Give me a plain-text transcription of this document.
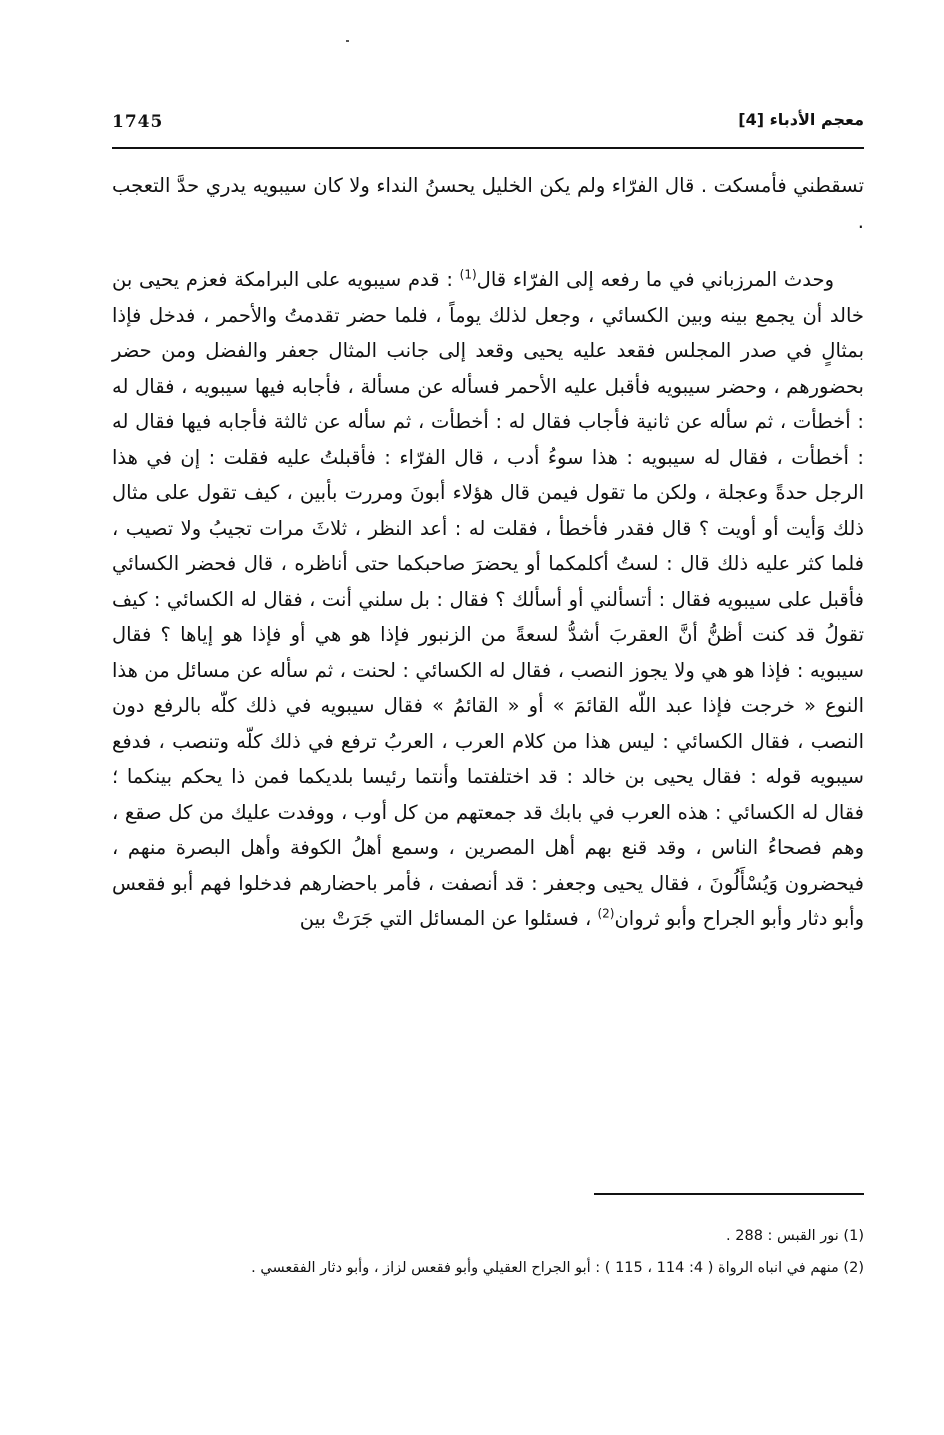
1745	معجم الأدباء [4]

تسقطني فأمسكت . قال الفرّاء ولم يكن الخليل يحسنُ النداء ولا كان سيبويه يدري حدَّ التعجب .

وحدث المرزباني في ما رفعه إلى الفرّاء قال$^{(1)}$ : قدم سيبويه على البرامكة فعزم يحيى بن خالد أن يجمع بينه وبين الكسائي ، وجعل لذلك يوماً ، فلما حضر تقدمتُ والأحمر ، فدخل فإذا بمثالٍ في صدر المجلس فقعد عليه يحيى وقعد إلى جانب المثال جعفر والفضل ومن حضر بحضورهم ، وحضر سيبويه فأقبل عليه الأحمر فسأله عن مسألة ، فأجابه فيها سيبويه ، فقال له : أخطأت ، ثم سأله عن ثانية فأجاب فقال له : أخطأت ، ثم سأله عن ثالثة فأجابه فيها فقال له : أخطأت ، فقال له سيبويه : هذا سوءُ أدب ، قال الفرّاء : فأقبلتُ عليه فقلت : إن في هذا الرجل حدةً وعجلة ، ولكن ما تقول فيمن قال هؤلاء أبونَ ومررت بأبين ، كيف تقول على مثال ذلك وَأيت أو أويت ؟ قال فقدر فأخطأ ، فقلت له : أعد النظر ، ثلاثَ مرات تجيبُ ولا تصيب ، فلما كثر عليه ذلك قال : لستُ أكلمكما أو يحضرَ صاحبكما حتى أناظره ، قال فحضر الكسائي فأقبل على سيبويه فقال : أتسألني أو أسألك ؟ فقال : بل سلني أنت ، فقال له الكسائي : كيف تقولُ قد كنت أظنُّ أنَّ العقربَ أشدُّ لسعةً من الزنبور فإذا هو هي أو فإذا هو إياها ؟ فقال سيبويه : فإذا هو هي ولا يجوز النصب ، فقال له الكسائي : لحنت ، ثم سأله عن مسائل من هذا النوع « خرجت فإذا عبد اللّه القائمَ » أو « القائمُ » فقال سيبويه في ذلك كلّه بالرفع دون النصب ، فقال الكسائي : ليس هذا من كلام العرب ، العربُ ترفع في ذلك كلّه وتنصب ، فدفع سيبويه قوله : فقال يحيى بن خالد : قد اختلفتما وأنتما رئيسا بلديكما فمن ذا يحكم بينكما ؛ فقال له الكسائي : هذه العرب في بابك قد جمعتهم من كل أوب ، ووفدت عليك من كل صقع ، وهم فصحاءُ الناس ، وقد قنع بهم أهل المصرين ، وسمع أهلُ الكوفة وأهل البصرة منهم ، فيحضرون وَيُسْأَلُونَ ، فقال يحيى وجعفر : قد أنصفت ، فأمر باحضارهم فدخلوا فهم أبو فقعس وأبو دثار وأبو الجراح وأبو ثروان$^{(2)}$ ، فسئلوا عن المسائل التي جَرَتْ بين

(1) نور القبس : 288 .

(2) منهم في انباه الرواة ( 4: 114 ، 115 ) : أبو الجراح العقيلي وأبو فقعس لزاز ، وأبو دثار الفقعسي .
